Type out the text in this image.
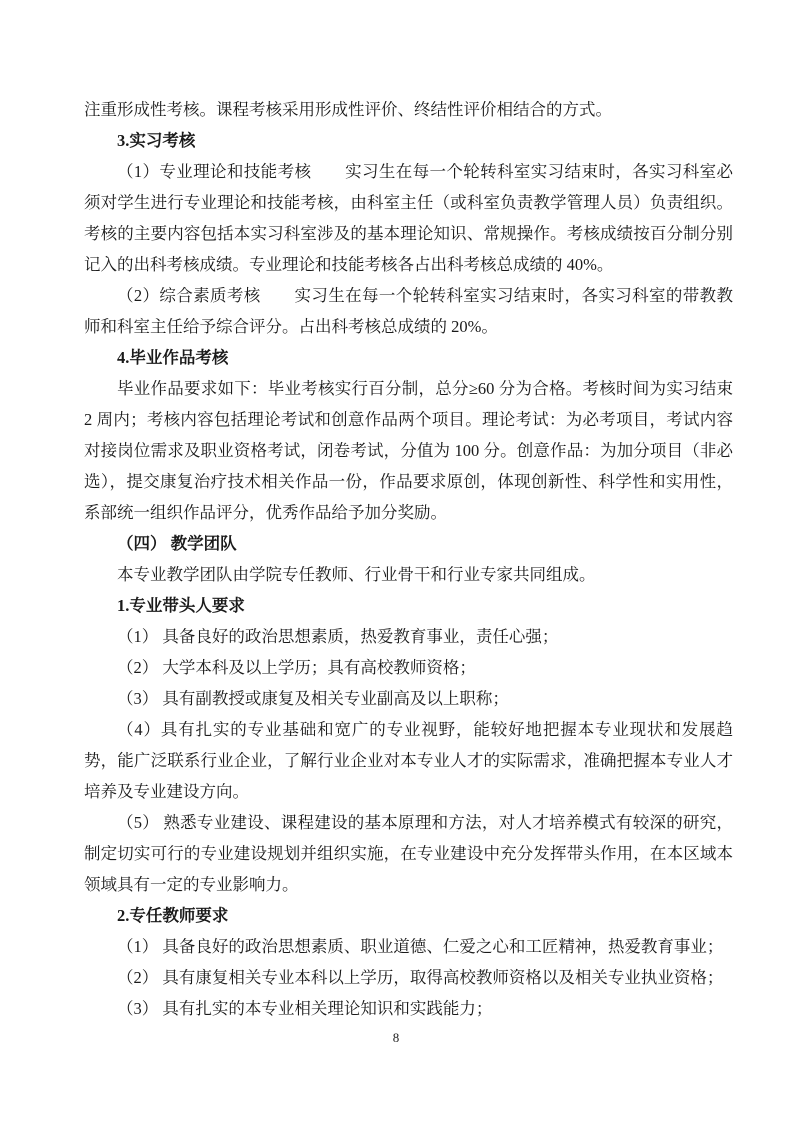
注重形成性考核。课程考核采用形成性评价、终结性评价相结合的方式。

3.实习考核

（1）专业理论和技能考核　　实习生在每一个轮转科室实习结束时，各实习科室必须对学生进行专业理论和技能考核，由科室主任（或科室负责教学管理人员）负责组织。考核的主要内容包括本实习科室涉及的基本理论知识、常规操作。考核成绩按百分制分别记入的出科考核成绩。专业理论和技能考核各占出科考核总成绩的 40%。

（2）综合素质考核　　实习生在每一个轮转科室实习结束时，各实习科室的带教教师和科室主任给予综合评分。占出科考核总成绩的 20%。

4.毕业作品考核

毕业作品要求如下：毕业考核实行百分制，总分≥60 分为合格。考核时间为实习结束 2 周内；考核内容包括理论考试和创意作品两个项目。理论考试：为必考项目，考试内容对接岗位需求及职业资格考试，闭卷考试，分值为 100 分。创意作品：为加分项目（非必选），提交康复治疗技术相关作品一份，作品要求原创，体现创新性、科学性和实用性，系部统一组织作品评分，优秀作品给予加分奖励。

（四） 教学团队

本专业教学团队由学院专任教师、行业骨干和行业专家共同组成。

1.专业带头人要求

（1） 具备良好的政治思想素质，热爱教育事业，责任心强；

（2） 大学本科及以上学历；具有高校教师资格；

（3） 具有副教授或康复及相关专业副高及以上职称；

（4）具有扎实的专业基础和宽广的专业视野，能较好地把握本专业现状和发展趋势，能广泛联系行业企业，了解行业企业对本专业人才的实际需求，准确把握本专业人才培养及专业建设方向。

（5） 熟悉专业建设、课程建设的基本原理和方法，对人才培养模式有较深的研究，制定切实可行的专业建设规划并组织实施，在专业建设中充分发挥带头作用，在本区域本领域具有一定的专业影响力。

2.专任教师要求

（1） 具备良好的政治思想素质、职业道德、仁爱之心和工匠精神，热爱教育事业；

（2） 具有康复相关专业本科以上学历，取得高校教师资格以及相关专业执业资格；

（3） 具有扎实的本专业相关理论知识和实践能力；

8
